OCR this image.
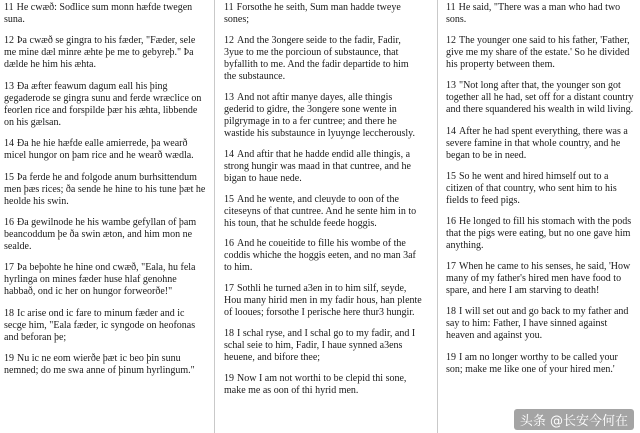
11 He cwæð: Sođlice sum monn hæfde twegen suna.

12 Þa cwæð se gingra to his fæder, "Fæder, sele me mine dæl minre æhte þe me to gebyreþ." Þa dælde he him his æhta.

13 Ða æfter feawum dagum eall his þing gegaderode se gingra sunu and ferde wræclice on feorlen rice and forspilde þær his æhta, libbende on his gælsan.

14 Ða he hie hæfde ealle amierrede, þa wearð micel hungor on þam rice and he wearð wædla.

15 Þa ferde he and folgode anum burhsittendum men þæs rices; ða sende he hine to his tune þæt he heolde his swin.

16 Ða gewilnode he his wambe gefyllan of þam beancoddum þe ða swin æton, and him mon ne sealde.

17 Þa beþohte he hine ond cwæð, "Eala, hu fela hyrlinga on mines fæder huse hlaf genohne habbað, ond ic her on hungor forweorðe!"

18 Ic arise ond ic fare to minum fæder and ic secge him, "Eala fæder, ic syngode on heofonas and beforan þe;

19 Nu ic ne eom wierðe þæt ic beo þin sunu nemned; do me swa anne of þinum hyrlingum."

11 Forsothe he seith, Sum man hadde tweye sones;

12 And the 3ongere seide to the fadir, Fadir, 3yue to me the porcioun of substaunce, that byfallith to me. And the fadir departide to him the substaunce.

13 And not aftir manye dayes, alle thingis gederid to gidre, the 3ongere sone wente in pilgrymage in to a fer cuntree; and there he wastide his substaunce in lyuynge leccherously.

14 And aftir that he hadde endid alle thingis, a strong hungir was maad in that cuntree, and he bigan to haue nede.

15 And he wente, and cleuyde to oon of the citeseyns of that cuntree. And he sente him in to his toun, that he schulde feede hoggis.

16 And he coueitide to fille his wombe of the coddis whiche the hoggis eeten, and no man 3af to him.

17 Sothli he turned a3en in to him silf, seyde, Hou many hirid men in my fadir hous, han plente of looues; forsothe I perische here thur3 hungir.

18 I schal ryse, and I schal go to my fadir, and I schal seie to him, Fadir, I haue synned a3ens heuene, and bifore thee;

19 Now I am not worthi to be clepid thi sone, make me as oon of thi hyrid men.

11 He said, "There was a man who had two sons.

12 The younger one said to his father, 'Father, give me my share of the estate.' So he divided his property between them.

13 "Not long after that, the younger son got together all he had, set off for a distant country and there squandered his wealth in wild living.

14 After he had spent everything, there was a severe famine in that whole country, and he began to be in need.

15 So he went and hired himself out to a citizen of that country, who sent him to his fields to feed pigs.

16 He longed to fill his stomach with the pods that the pigs were eating, but no one gave him anything.

17 When he came to his senses, he said, 'How many of my father's hired men have food to spare, and here I am starving to death!

18 I will set out and go back to my father and say to him: Father, I have sinned against heaven and against you.

19 I am no longer worthy to be called your son; make me like one of your hired men.'

头条 @长安今何在
